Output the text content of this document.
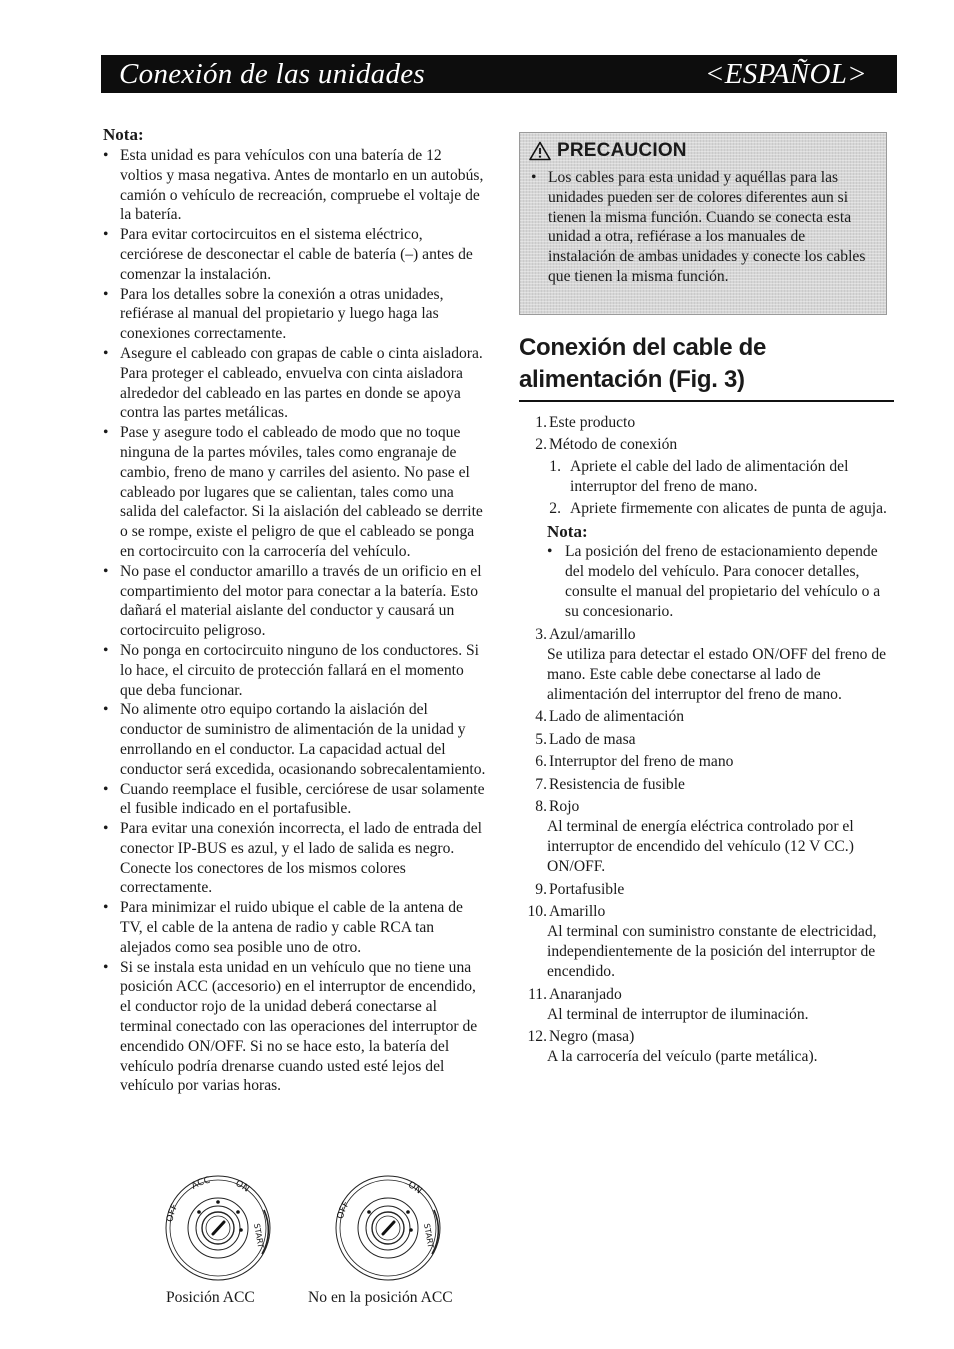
Conexión de las unidades	<ESPAÑOL>
Nota:
• Esta unidad es para vehículos con una batería de 12 voltios y masa negativa. Antes de montarlo en un autobús, camión o vehículo de recreación, compruebe el voltaje de la batería.
• Para evitar cortocircuitos en el sistema eléctrico, cerciórese de desconectar el cable de batería (–) antes de comenzar la instalación.
• Para los detalles sobre la conexión a otras unidades, refiérase al manual del propietario y luego haga las conexiones correctamente.
• Asegure el cableado con grapas de cable o cinta aisladora. Para proteger el cableado, envuelva con cinta aisladora alrededor del cableado en las partes en donde se apoya contra las partes metálicas.
• Pase y asegure todo el cableado de modo que no toque ninguna de la partes móviles, tales como engranaje de cambio, freno de mano y carriles del asiento. No pase el cableado por lugares que se calientan, tales como una salida del calefactor. Si la aislación del cableado se derrite o se rompe, existe el peligro de que el cableado se ponga en cortocircuito con la carrocería del vehículo.
• No pase el conductor amarillo a través de un orificio en el compartimiento del motor para conectar a la batería. Esto dañará el material aislante del conductor y causará un cortocircuito peligroso.
• No ponga en cortocircuito ninguno de los conductores. Si lo hace, el circuito de protección fallará en el momento que deba funcionar.
• No alimente otro equipo cortando la aislación del conductor de suministro de alimentación de la unidad y enrrollando en el conductor. La capacidad actual del conductor será excedida, ocasionando sobrecalentamiento.
• Cuando reemplace el fusible, cerciórese de usar solamente el fusible indicado en el portafusible.
• Para evitar una conexión incorrecta, el lado de entrada del conector IP-BUS es azul, y el lado de salida es negro. Conecte los conectores de los mismos colores correctamente.
• Para minimizar el ruido ubique el cable de la antena de TV, el cable de la antena de radio y cable RCA tan alejados como sea posible uno de otro.
• Si se instala esta unidad en un vehículo que no tiene una posición ACC (accesorio) en el interruptor de encendido, el conductor rojo de la unidad deberá conectarse al terminal conectado con las operaciones del interruptor de encendido ON/OFF. Si no se hace esto, la batería del vehículo podría drenarse cuando usted esté lejos del vehículo por varias horas.
PRECAUCION
• Los cables para esta unidad y aquéllas para las unidades pueden ser de colores diferentes aun si tienen la misma función. Cuando se conecta esta unidad a otra, refiérase a los manuales de instalación de ambas unidades y conecte los cables que tienen la misma función.
Conexión del cable de alimentación (Fig. 3)
1. Este producto
2. Método de conexión
1. Apriete el cable del lado de alimentación del interruptor del freno de mano.
2. Apriete firmemente con alicates de punta de aguja.
Nota:
• La posición del freno de estacionamiento depende del modelo del vehículo. Para conocer detalles, consulte el manual del propietario del vehículo o a su concesionario.
3. Azul/amarillo
Se utiliza para detectar el estado ON/OFF del freno de mano. Este cable debe conectarse al lado de alimentación del interruptor del freno de mano.
4. Lado de alimentación
5. Lado de masa
6. Interruptor del freno de mano
7. Resistencia de fusible
8. Rojo
Al terminal de energía eléctrica controlado por el interruptor de encendido del vehículo (12 V CC.) ON/OFF.
9. Portafusible
10. Amarillo
Al terminal con suministro constante de electricidad, independientemente de la posición del interruptor de encendido.
11. Anaranjado
Al terminal de interruptor de iluminación.
12. Negro (masa)
A la carrocería del veículo (parte metálica).
OFF
ACC ON
START
OFF
ON
START
Posición ACC	No en la posición ACC
